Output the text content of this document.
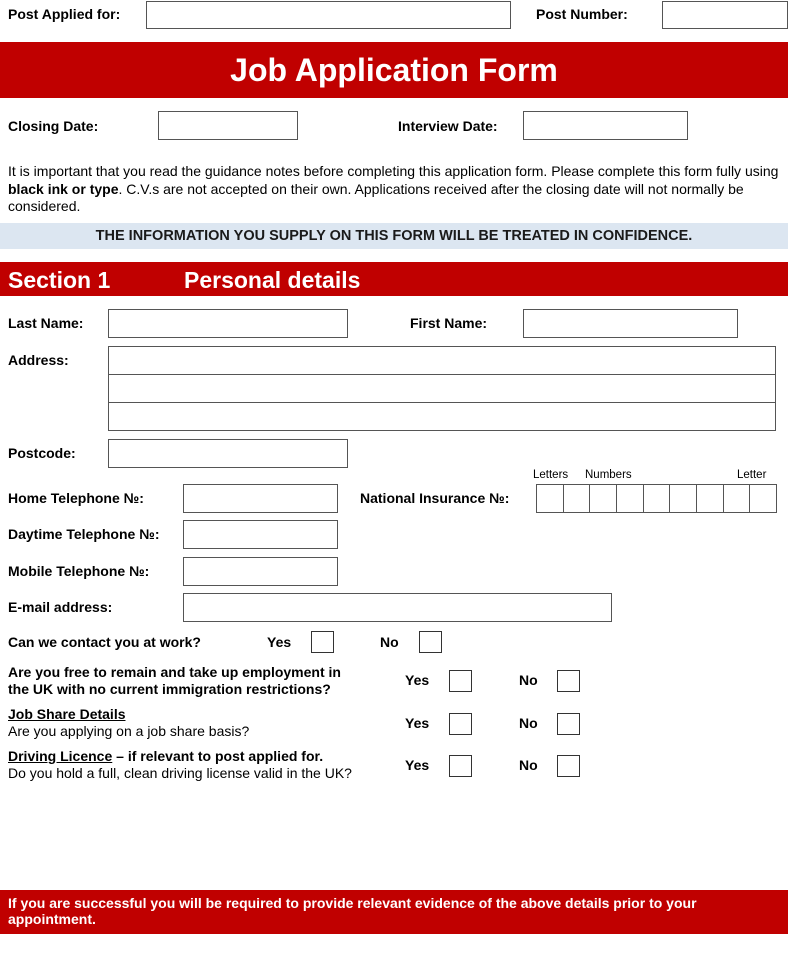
Post Applied for:	Post Number:
Job Application Form
Closing Date:	Interview Date:
It is important that you read the guidance notes before completing this application form. Please complete this form fully using black ink or type. C.V.s are not accepted on their own. Applications received after the closing date will not normally be considered.
THE INFORMATION YOU SUPPLY ON THIS FORM WILL BE TREATED IN CONFIDENCE.
Section 1	Personal details
Last Name:	First Name:
Address:
Postcode:
Letters Numbers	Letter
Home Telephone №:	National Insurance №:
Daytime Telephone №:
Mobile Telephone №:
E-mail address:
Can we contact you at work?	Yes	No
Are you free to remain and take up employment in
the UK with no current immigration restrictions?
Yes	No
Job Share Details
Are you applying on a job share basis?	Yes	No
Driving Licence – if relevant to post applied for.
Do you hold a full, clean driving license valid in the UK?	Yes	No
If you are successful you will be required to provide relevant evidence of the above details prior to your appointment.
